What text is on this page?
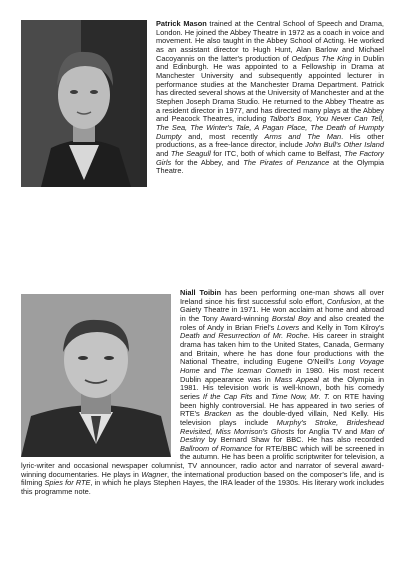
Patrick Mason trained at the Central School of Speech and Drama, London. He joined the Abbey Theatre in 1972 as a coach in voice and movement. He also taught in the Abbey School of Acting. He worked as an assistant director to Hugh Hunt, Alan Barlow and Michael Cacoyannis on the latter's production of Oedipus The King in Dublin and Edinburgh. He was appointed to a Fellowship in Drama at Manchester University and subsequently appointed lecturer in performance studies at the Manchester Drama Department. Patrick has directed several shows at the University of Manchester and at the Stephen Joseph Drama Studio. He returned to the Abbey Theatre as a resident director in 1977, and has directed many plays at the Abbey and Peacock Theatres, including Talbot's Box, You Never Can Tell, The Sea, The Winter's Tale, A Pagan Place, The Death of Humpty Dumpty and, most recently Arms and The Man. His other productions, as a free-lance director, include John Bull's Other Island and The Seagull for ITC, both of which came to Belfast, The Factory Girls for the Abbey, and The Pirates of Penzance at the Olympia Theatre.

Niall Toibin has been performing one-man shows all over Ireland since his first successful solo effort, Confusion, at the Gaiety Theatre in 1971. He won acclaim at home and abroad in the Tony Award-winning Borstal Boy and also created the roles of Andy in Brian Friel's Lovers and Kelly in Tom Kilroy's Death and Resurrection of Mr. Roche. His career in straight drama has taken him to the United States, Canada, Germany and Britain, where he has done four productions with the National Theatre, including Eugene O'Neill's Long Voyage Home and The Iceman Cometh in 1980. His most recent Dublin appearance was in Mass Appeal at the Olympia in 1981. His television work is well-known, both his comedy series If the Cap Fits and Time Now, Mr. T. on RTE having been highly controversial. He has appeared in two series of RTE's Bracken as the double-dyed villain, Ned Kelly. His television plays include Murphy's Stroke, Brideshead Revisited, Miss Morrison's Ghosts for Anglia TV and Man of Destiny by Bernard Shaw for BBC. He has also recorded Ballroom of Romance for RTE/BBC which will be screened in the autumn. He has been a prolific scriptwriter for television, a lyric-writer and occasional newspaper columnist, TV announcer, radio actor and narrator of several award-winning documentaries. He plays in Wagner, the international production based on the composer's life, and is filming Spies for RTE, in which he plays Stephen Hayes, the IRA leader of the 1930s. His literary work includes this programme note.
